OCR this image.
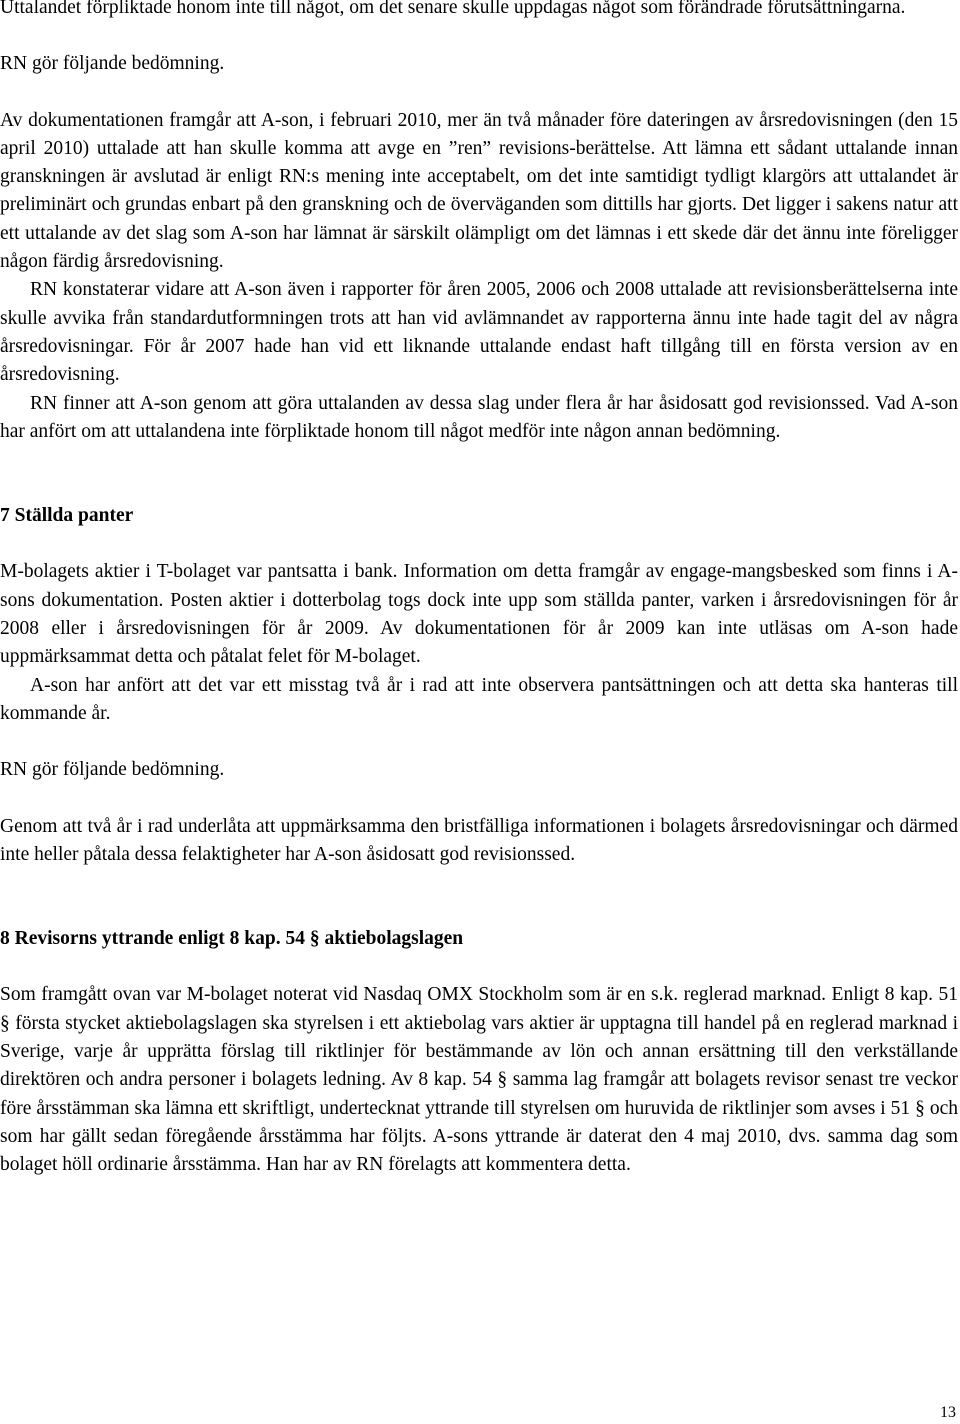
Uttalandet förpliktade honom inte till något, om det senare skulle uppdagas något som förändrade förutsättningarna.

RN gör följande bedömning.

Av dokumentationen framgår att A-son, i februari 2010, mer än två månader före dateringen av årsredovisningen (den 15 april 2010) uttalade att han skulle komma att avge en ”ren” revisions-berättelse. Att lämna ett sådant uttalande innan granskningen är avslutad är enligt RN:s mening inte acceptabelt, om det inte samtidigt tydligt klargörs att uttalandet är preliminärt och grundas enbart på den granskning och de överväganden som dittills har gjorts. Det ligger i sakens natur att ett uttalande av det slag som A-son har lämnat är särskilt olämpligt om det lämnas i ett skede där det ännu inte föreligger någon färdig årsredovisning.

RN konstaterar vidare att A-son även i rapporter för åren 2005, 2006 och 2008 uttalade att revisionsberättelserna inte skulle avvika från standardutformningen trots att han vid avlämnandet av rapporterna ännu inte hade tagit del av några årsredovisningar. För år 2007 hade han vid ett liknande uttalande endast haft tillgång till en första version av en årsredovisning.

RN finner att A-son genom att göra uttalanden av dessa slag under flera år har åsidosatt god revisionssed. Vad A-son har anfört om att uttalandena inte förpliktade honom till något medför inte någon annan bedömning.

7 Ställda panter

M-bolagets aktier i T-bolaget var pantsatta i bank. Information om detta framgår av engage-mangsbesked som finns i A-sons dokumentation. Posten aktier i dotterbolag togs dock inte upp som ställda panter, varken i årsredovisningen för år 2008 eller i årsredovisningen för år 2009. Av dokumentationen för år 2009 kan inte utläsas om A-son hade uppmärksammat detta och påtalat felet för M-bolaget.

A-son har anfört att det var ett misstag två år i rad att inte observera pantsättningen och att detta ska hanteras till kommande år.

RN gör följande bedömning.

Genom att två år i rad underlåta att uppmärksamma den bristfälliga informationen i bolagets årsredovisningar och därmed inte heller påtala dessa felaktigheter har A-son åsidosatt god revisionssed.

8 Revisorns yttrande enligt 8 kap. 54 § aktiebolagslagen

Som framgått ovan var M-bolaget noterat vid Nasdaq OMX Stockholm som är en s.k. reglerad marknad. Enligt 8 kap. 51 § första stycket aktiebolagslagen ska styrelsen i ett aktiebolag vars aktier är upptagna till handel på en reglerad marknad i Sverige, varje år upprätta förslag till riktlinjer för bestämmande av lön och annan ersättning till den verkställande direktören och andra personer i bolagets ledning. Av 8 kap. 54 § samma lag framgår att bolagets revisor senast tre veckor före årsstämman ska lämna ett skriftligt, undertecknat yttrande till styrelsen om huruvida de riktlinjer som avses i 51 § och som har gällt sedan föregående årsstämma har följts. A-sons yttrande är daterat den 4 maj 2010, dvs. samma dag som bolaget höll ordinarie årsstämma. Han har av RN förelagts att kommentera detta.

13
